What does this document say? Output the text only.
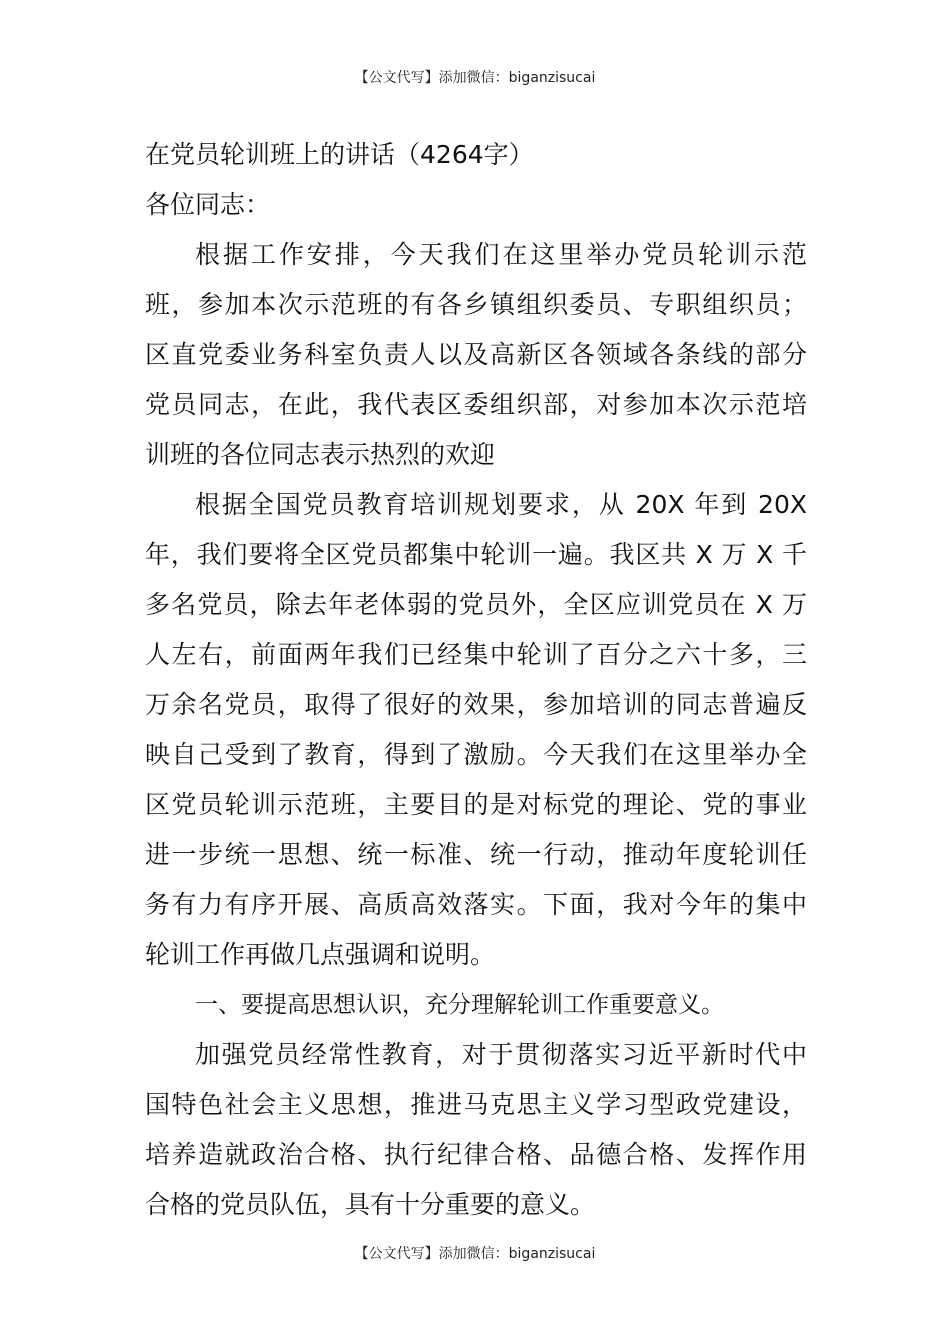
【公文代写】添加微信：biganzisucai
在党员轮训班上的讲话（4264字）
各位同志：
根据工作安排，今天我们在这里举办党员轮训示范
班，参加本次示范班的有各乡镇组织委员、专职组织员；
区直党委业务科室负责人以及高新区各领域各条线的部分
党员同志，在此，我代表区委组织部，对参加本次示范培
训班的各位同志表示热烈的欢迎
根据全国党员教育培训规划要求，从 20X 年到 20X
年，我们要将全区党员都集中轮训一遍。我区共 X 万 X 千
多名党员，除去年老体弱的党员外，全区应训党员在 X 万
人左右，前面两年我们已经集中轮训了百分之六十多，三
万余名党员，取得了很好的效果，参加培训的同志普遍反
映自己受到了教育，得到了激励。今天我们在这里举办全
区党员轮训示范班，主要目的是对标党的理论、党的事业
进一步统一思想、统一标准、统一行动，推动年度轮训任
务有力有序开展、高质高效落实。下面，我对今年的集中
轮训工作再做几点强调和说明。
一、要提高思想认识，充分理解轮训工作重要意义。
加强党员经常性教育，对于贯彻落实习近平新时代中
国特色社会主义思想，推进马克思主义学习型政党建设，
培养造就政治合格、执行纪律合格、品德合格、发挥作用
合格的党员队伍，具有十分重要的意义。
【公文代写】添加微信：biganzisucai
